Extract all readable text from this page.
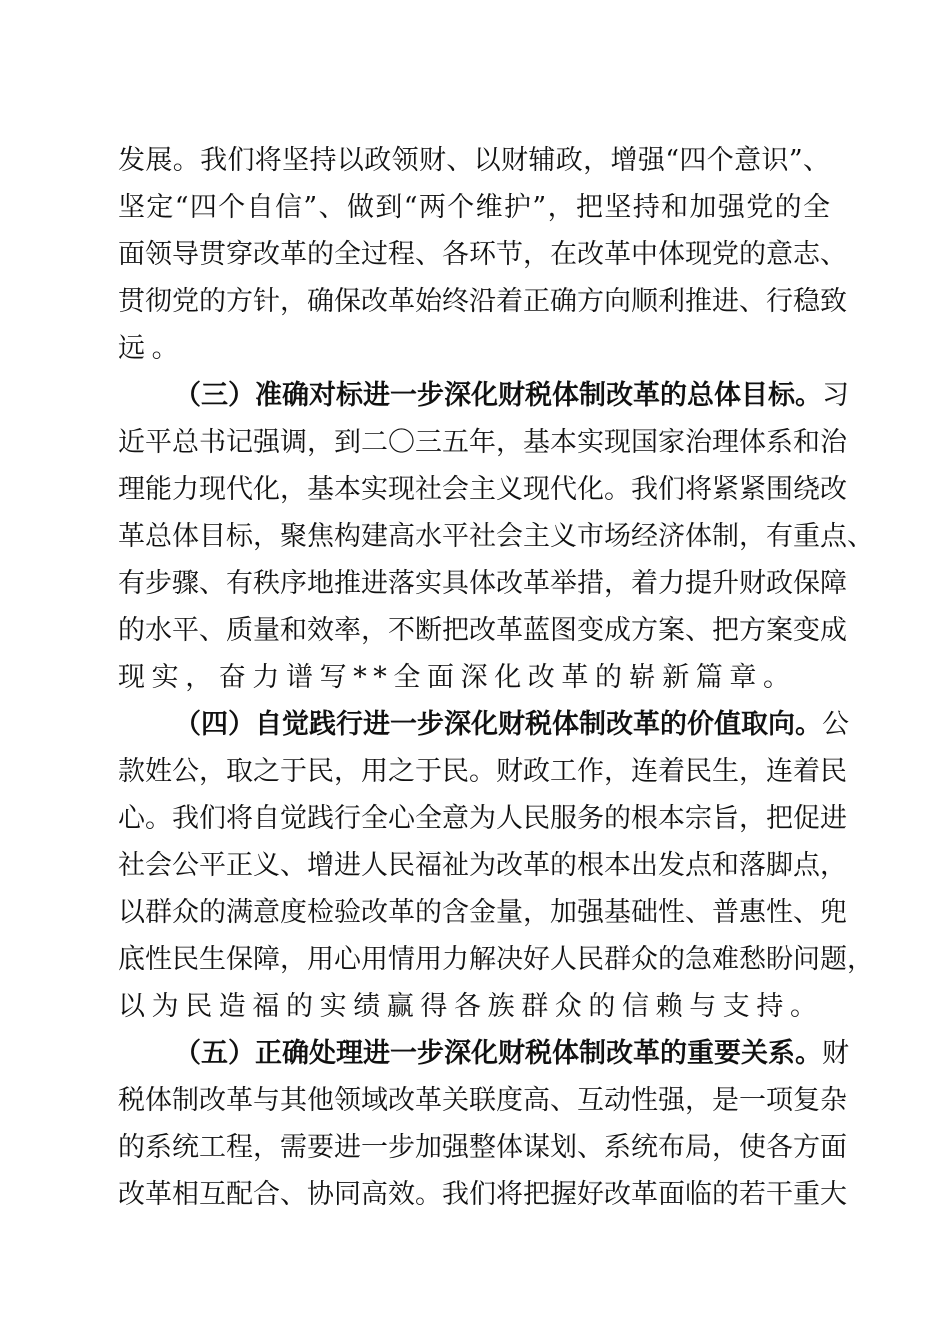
发展。我们将坚持以政领财、以财辅政，增强“四个意识”、
坚定“四个自信”、做到“两个维护”，把坚持和加强党的全
面领导贯穿改革的全过程、各环节，在改革中体现党的意志、
贯彻党的方针，确保改革始终沿着正确方向顺利推进、行稳致
远。
（三）准确对标进一步深化财税体制改革的总体目标。习
近平总书记强调，到二〇三五年，基本实现国家治理体系和治
理能力现代化，基本实现社会主义现代化。我们将紧紧围绕改
革总体目标，聚焦构建高水平社会主义市场经济体制，有重点、
有步骤、有秩序地推进落实具体改革举措，着力提升财政保障
的水平、质量和效率，不断把改革蓝图变成方案、把方案变成
现实，奋力谱写**全面深化改革的崭新篇章。
（四）自觉践行进一步深化财税体制改革的价值取向。公
款姓公，取之于民，用之于民。财政工作，连着民生，连着民
心。我们将自觉践行全心全意为人民服务的根本宗旨，把促进
社会公平正义、增进人民福祉为改革的根本出发点和落脚点，
以群众的满意度检验改革的含金量，加强基础性、普惠性、兜
底性民生保障，用心用情用力解决好人民群众的急难愁盼问题，
以为民造福的实绩赢得各族群众的信赖与支持。
（五）正确处理进一步深化财税体制改革的重要关系。财
税体制改革与其他领域改革关联度高、互动性强，是一项复杂
的系统工程，需要进一步加强整体谋划、系统布局，使各方面
改革相互配合、协同高效。我们将把握好改革面临的若干重大
